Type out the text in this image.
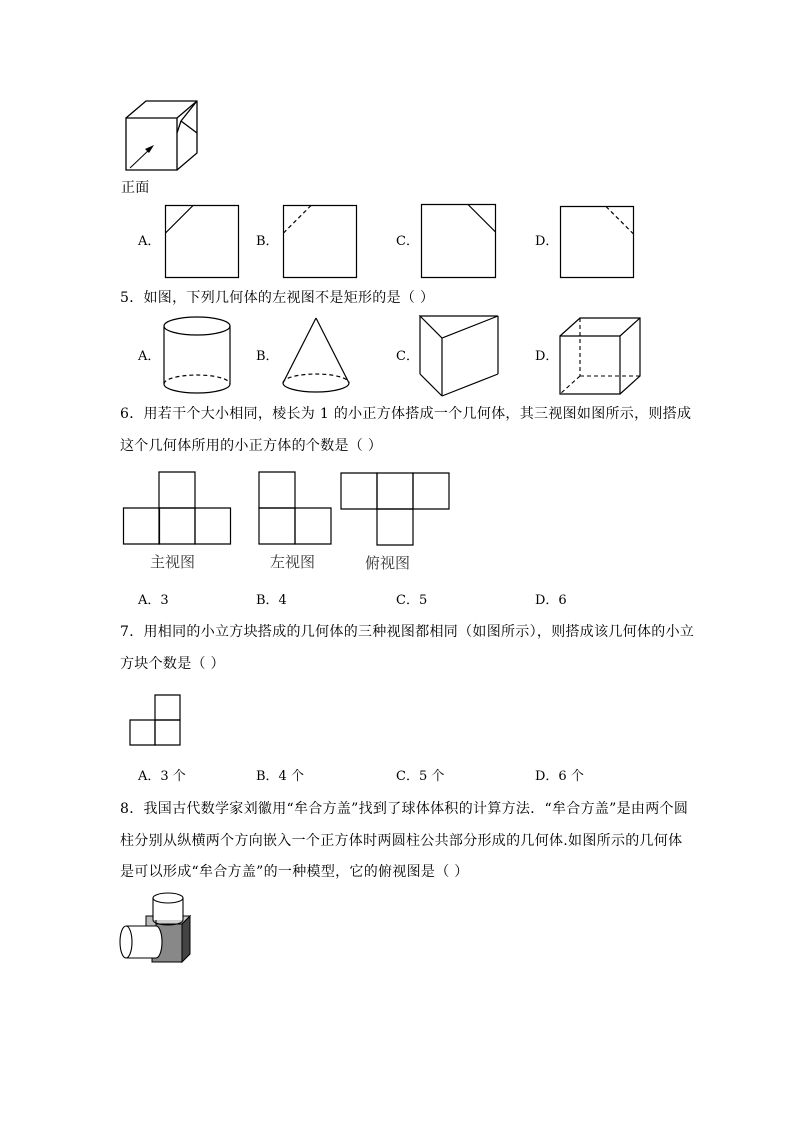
正面
A．	B．	C．	D．
5．如图，下列几何体的左视图不是矩形的是（ ）
A．	B．	C．	D．
6．用若干个大小相同，棱长为 1 的小正方体搭成一个几何体，其三视图如图所示，则搭成
这个几何体所用的小正方体的个数是（ ）
主视图	左视图	俯视图
A．3	B．4	C．5	D．6
7．用相同的小立方块搭成的几何体的三种视图都相同（如图所示），则搭成该几何体的小立
方块个数是（ ）
A．3 个	B．4 个	C．5 个	D．6 个
8．我国古代数学家刘徽用“牟合方盖”找到了球体体积的计算方法．“牟合方盖”是由两个圆
柱分别从纵横两个方向嵌入一个正方体时两圆柱公共部分形成的几何体.如图所示的几何体
是可以形成“牟合方盖”的一种模型，它的俯视图是（ ）
